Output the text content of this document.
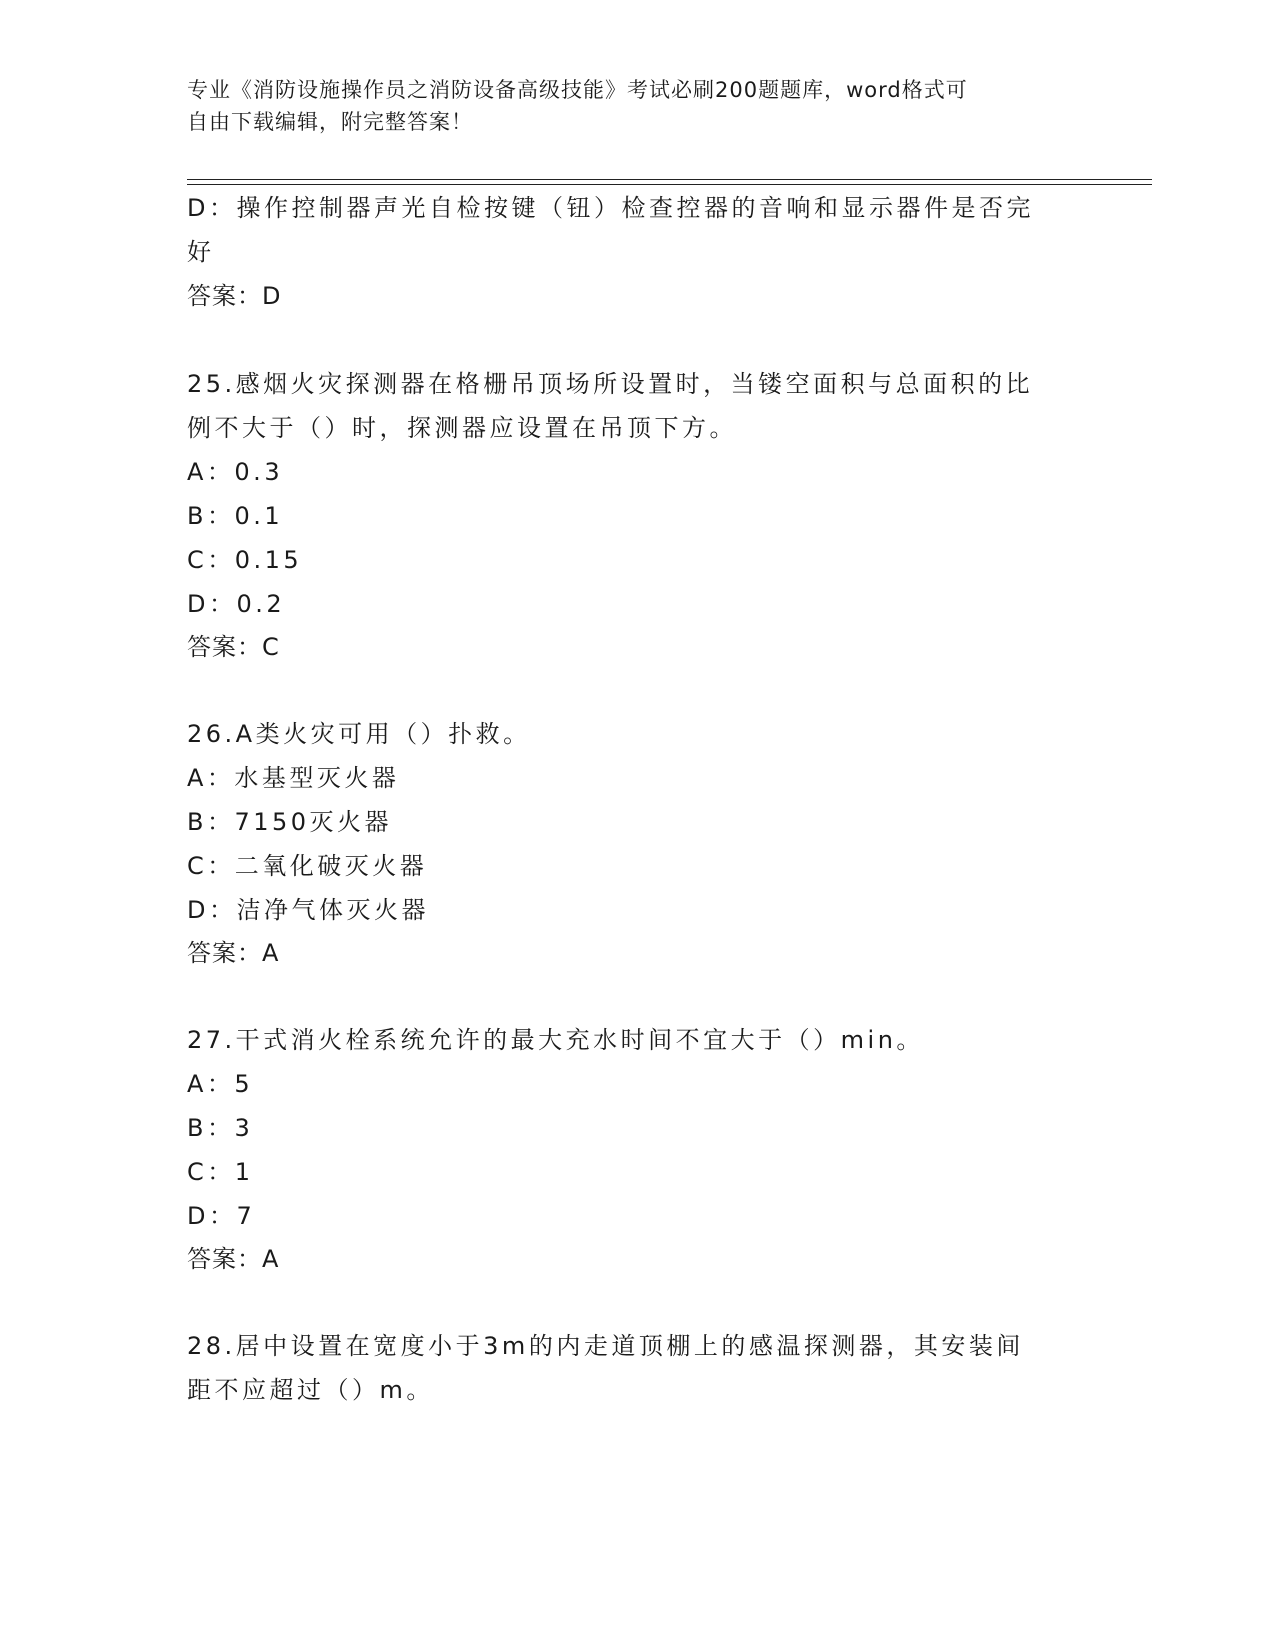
专业《消防设施操作员之消防设备高级技能》考试必刷200题题库，word格式可
自由下载编辑，附完整答案！
D：操作控制器声光自检按键（钮）检查控器的音响和显示器件是否完
好
答案：D
25.感烟火灾探测器在格栅吊顶场所设置时，当镂空面积与总面积的比
例不大于（）时，探测器应设置在吊顶下方。
A：0.3
B：0.1
C：0.15
D：0.2
答案：C
26.A类火灾可用（）扑救。
A：水基型灭火器
B：7150灭火器
C：二氧化破灭火器
D：洁净气体灭火器
答案：A
27.干式消火栓系统允许的最大充水时间不宜大于（）min。
A：5
B：3
C：1
D：7
答案：A
28.居中设置在宽度小于3m的内走道顶棚上的感温探测器，其安装间
距不应超过（）m。
